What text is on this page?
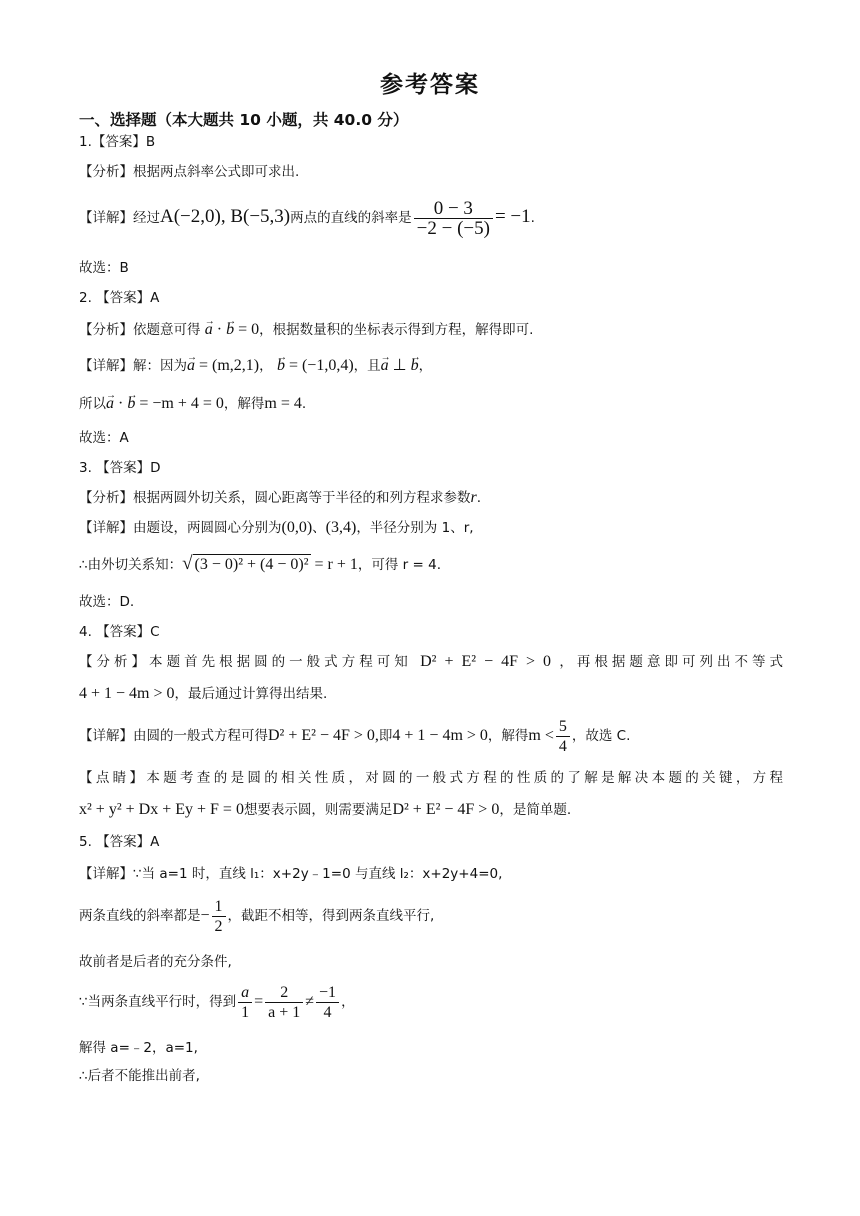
参考答案
一、选择题（本大题共 10 小题，共 40.0 分）
1.【答案】B
【分析】根据两点斜率公式即可求出.
【详解】经过A(−2,0), B(−5,3)两点的直线的斜率是 $\frac{0 - 3}{-2 - (-5)} = -1$.
故选：B
2. 【答案】A
【分析】依题意可得 → a · → b = 0，根据数量积的坐标表示得到方程，解得即可.
【详解】解：因为→ a = (m,2,1)， → b = (−1,0,4)，且→ a ⊥ → b，
所以→ a · → b = −m + 4 = 0，解得m = 4.
故选：A
3. 【答案】D
【分析】根据两圆外切关系，圆心距离等于半径的和列方程求参数r.
【详解】由题设，两圆圆心分别为(0,0)、(3,4)，半径分别为 1、r,
∴由外切关系知：√ (3 − 0)² + (4 − 0)² = r + 1，可得 r = 4.
故选：D.
4. 【答案】C
【分析】本题首先根据圆的一般式方程可知 D² + E² − 4F > 0 ，再根据题意即可列出不等式
4 + 1 − 4m > 0，最后通过计算得出结果.
【详解】由圆的一般式方程可得D² + E² − 4F > 0,即4 + 1 − 4m > 0，解得$m < \frac{5}{4}$ ，故选 C.
【点睛】本题考查的是圆的相关性质，对圆的一般式方程的性质的了解是解决本题的关键，方程
x² + y² + Dx + Ey + F = 0想要表示圆，则需要满足D² + E² − 4F > 0，是简单题.
5. 【答案】A
【详解】∵当 a=1 时，直线 l₁：x+2y﹣1=0 与直线 l₂：x+2y+4=0,
两条直线的斜率都是− $\frac{1}{2}$ ，截距不相等，得到两条直线平行,
故前者是后者的充分条件,
∵当两条直线平行时，得到 $\frac{a}{1} = \frac{2}{a + 1} \ne \frac{-1}{4}$ ，
解得 a=﹣2，a=1,
∴后者不能推出前者,
